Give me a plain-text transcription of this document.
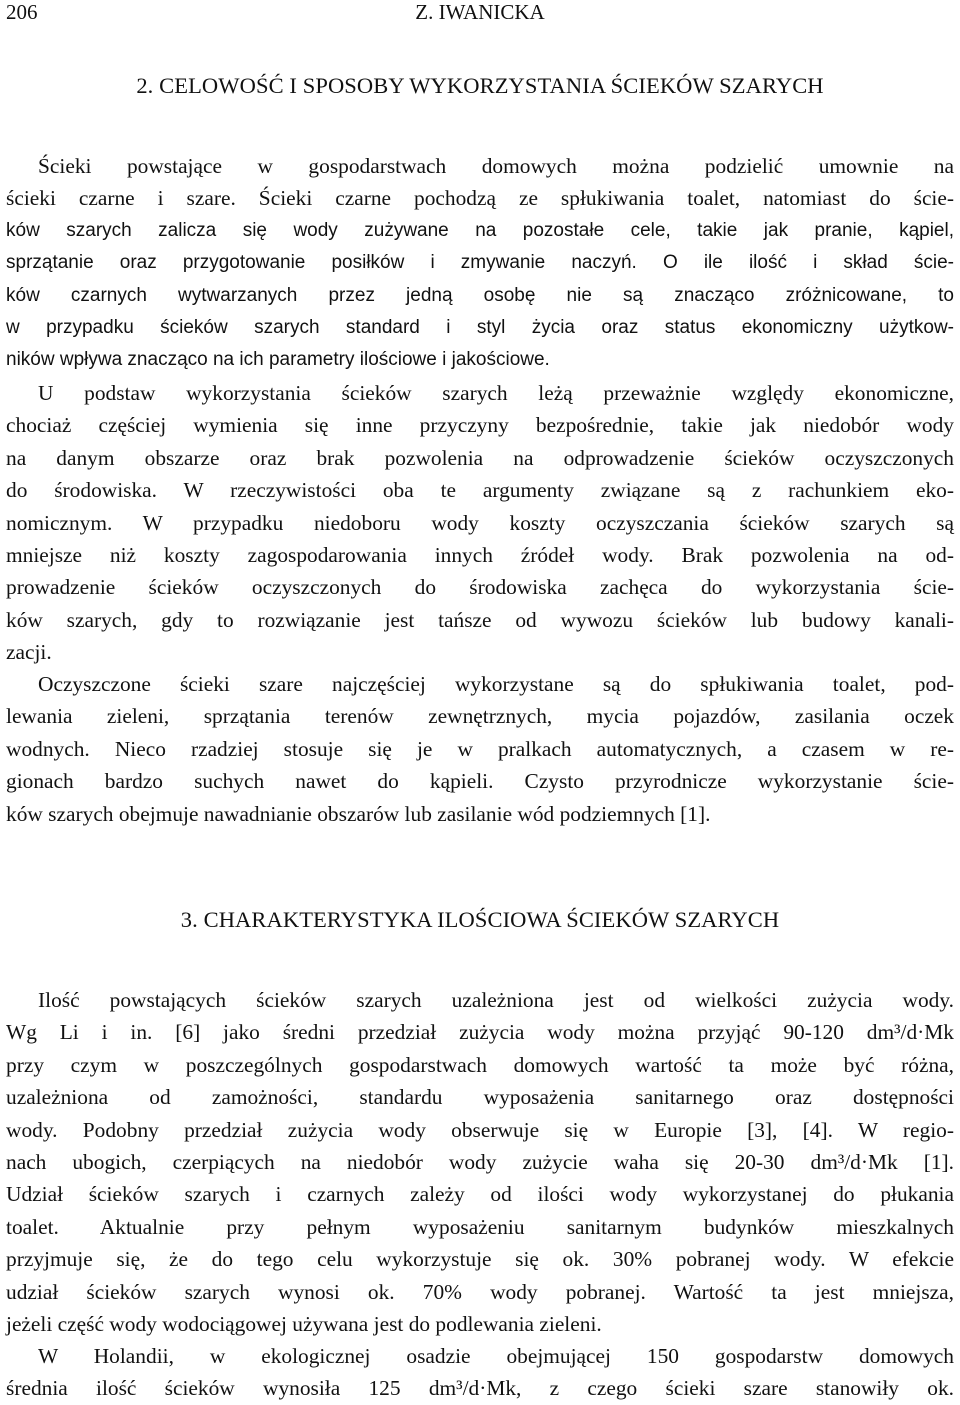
206	Z. IWANICKA
2. CELOWOŚĆ I SPOSOBY WYKORZYSTANIA ŚCIEKÓW SZARYCH
Ścieki powstające w gospodarstwach domowych można podzielić umownie na
ścieki czarne i szare. Ścieki czarne pochodzą ze spłukiwania toalet, natomiast do ście-
ków szarych zalicza się wody zużywane na pozostałe cele, takie jak pranie, kąpiel,
sprzątanie oraz przygotowanie posiłków i zmywanie naczyń. O ile ilość i skład ście-
ków czarnych wytwarzanych przez jedną osobę nie są znacząco zróżnicowane, to
w przypadku ścieków szarych standard i styl życia oraz status ekonomiczny użytkow-
ników wpływa znacząco na ich parametry ilościowe i jakościowe.
U podstaw wykorzystania ścieków szarych leżą przeważnie względy ekonomiczne,
chociaż częściej wymienia się inne przyczyny bezpośrednie, takie jak niedobór wody
na danym obszarze oraz brak pozwolenia na odprowadzenie ścieków oczyszczonych
do środowiska. W rzeczywistości oba te argumenty związane są z rachunkiem eko-
nomicznym. W przypadku niedoboru wody koszty oczyszczania ścieków szarych są
mniejsze niż koszty zagospodarowania innych źródeł wody. Brak pozwolenia na od-
prowadzenie ścieków oczyszczonych do środowiska zachęca do wykorzystania ście-
ków szarych, gdy to rozwiązanie jest tańsze od wywozu ścieków lub budowy kanali-
zacji.
Oczyszczone ścieki szare najczęściej wykorzystane są do spłukiwania toalet, pod-
lewania zieleni, sprzątania terenów zewnętrznych, mycia pojazdów, zasilania oczek
wodnych. Nieco rzadziej stosuje się je w pralkach automatycznych, a czasem w re-
gionach bardzo suchych nawet do kąpieli. Czysto przyrodnicze wykorzystanie ście-
ków szarych obejmuje nawadnianie obszarów lub zasilanie wód podziemnych [1].
3. CHARAKTERYSTYKA ILOŚCIOWA ŚCIEKÓW SZARYCH
Ilość powstających ścieków szarych uzależniona jest od wielkości zużycia wody.
Wg Li i in. [6] jako średni przedział zużycia wody można przyjąć 90-120 dm³/d·Mk
przy czym w poszczególnych gospodarstwach domowych wartość ta może być różna,
uzależniona od zamożności, standardu wyposażenia sanitarnego oraz dostępności
wody. Podobny przedział zużycia wody obserwuje się w Europie [3], [4]. W regio-
nach ubogich, czerpiących na niedobór wody zużycie waha się 20-30 dm³/d·Mk [1].
Udział ścieków szarych i czarnych zależy od ilości wody wykorzystanej do płukania
toalet. Aktualnie przy pełnym wyposażeniu sanitarnym budynków mieszkalnych
przyjmuje się, że do tego celu wykorzystuje się ok. 30% pobranej wody. W efekcie
udział ścieków szarych wynosi ok. 70% wody pobranej. Wartość ta jest mniejsza,
jeżeli część wody wodociągowej używana jest do podlewania zieleni.
W Holandii, w ekologicznej osadzie obejmującej 150 gospodarstw domowych
średnia ilość ścieków wynosiła 125 dm³/d·Mk, z czego ścieki szare stanowiły ok.
